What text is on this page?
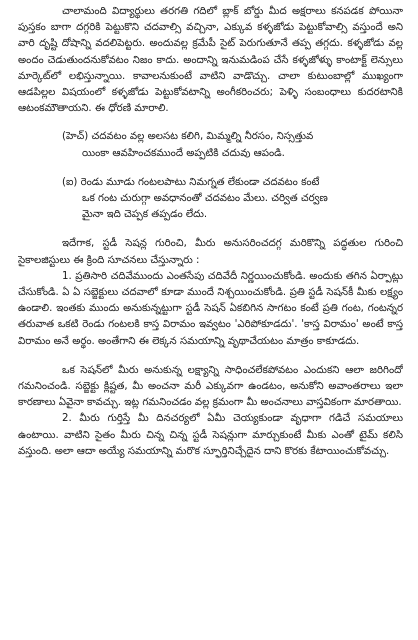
చాలామంది విద్యార్థులు తరగతి గదిలో బ్లాక్‌ బోర్డు మీద అక్షరాలు కనపడక పోయినా పుస్తకం బాగా దగ్గరికి పెట్టుకొని చదవాల్సి వచ్చినా, ఎక్కువ కళ్ళజోడు పెట్టుకోవాల్సి వస్తుందే అని వారి దృష్టి దోషాన్ని వదలిపెట్టరు. అందువల్ల క్రమేపీ సైట్‌ పెరుగుతూనే తప్ప తగ్గదు. కళ్ళజోడు వల్ల అందం చెడుతుందనుకోవటం నిజం కాదు. అందాన్ని ఇనుమడింప చేసే కళ్ళజోళ్ళు కాంటాక్ట్‌ లెన్సులు మార్కెట్‌లో లభిస్తున్నాయి. కావాలనుకుంటే వాటిని వాడొచ్చు. చాలా కుటుంబాల్లో ముఖ్యంగా ఆడపిల్లల విషయంలో కళ్ళజోడు పెట్టుకోవటాన్ని అంగీకరించరు; పెళ్ళి సంబంధాలు కుదరటానికి ఆటంకమౌతాయని. ఈ ధోరణి మారాలి.

(హెచ్‌) చదవటం వల్ల అలసట కలిగి, మిమ్మల్ని నీరసం, నిస్సత్తువ

యింకా ఆవహించకముందే అప్పటికి చదువు ఆపండి.

(ఐ) రెండు మూడు గంటలపాటు నిమగ్నత లేకుండా చదవటం కంటే

ఒక గంట చురుగ్గా అవధానంతో చదవటం మేలు. చర్విత చర్వణ

మైనా ఇది చెప్పక తప్పడం లేదు.

ఇదేగాక, స్టడీ సెషన్ల గురించి, మీరు అనుసరించదగ్గ మరికొన్ని పద్ధతుల గురించి సైకాలజిస్టులు ఈ క్రింది సూచనలు చేస్తున్నారు :

1. ప్రతిసారి చదివేముందు ఎంతసేపు చదివేదీ నిర్ణయించుకోండి. అందుకు తగిన ఏర్పాట్లు చేసుకోండి. ఏ ఏ సబ్జెక్టులు చదవాలో కూడా ముందే నిశ్చయించుకోండి. ప్రతి స్టడీ సెషన్‌కీ మీకు లక్ష్యం ఉండాలి. ఇంతకు ముందు అనుకున్నట్టుగా స్టడీ సెషన్‌ ఏకబిగిన సాగటం కంటే ప్రతి గంట, గంటన్నర తరువాత ఒకటి రెండు గంటలకి కాస్త విరామం ఇవ్వటం 'ఎరిపోకూడదు'. 'కాస్త విరామం' అంటే కాస్త విరామం అనే అర్థం. అంతేగాని ఈ లెక్కన సమయాన్ని వృథాచేయటం మాత్రం కాకూడదు.

ఒక సెషన్‌లో మీరు అనుకున్న లక్ష్యాన్ని సాధించలేకపోవటం ఎందుకని ఆలా జరిగిందో గమనించండి. సబ్జెక్టు క్లిష్టత, మీ అంచనా మరీ ఎక్కువగా ఉండటం, అనుకోని అవాంతరాలు ఇలా కారణాలు ఏవైనా కావచ్చు. ఇట్ల గమనించడం వల్ల క్రమంగా మీ అంచనాలు వాస్తవికంగా మారతాయి.

2. మీరు గుర్తిస్తే మీ దినచర్యలో ఏమీ చెయ్యకుండా వృధాగా గడిచే సమయాలు ఉంటాయి. వాటిని సైతం మీరు చిన్న చిన్న స్టడీ సెషన్లుగా మార్చుకుంటే మీకు ఎంతో టైమ్‌ కలిసి వస్తుంది. అలా ఆదా అయ్యే సమయాన్ని మరొక స్ఫూర్తినిచ్చేదైన దాని కొరకు కేటాయించుకోవచ్చు.
